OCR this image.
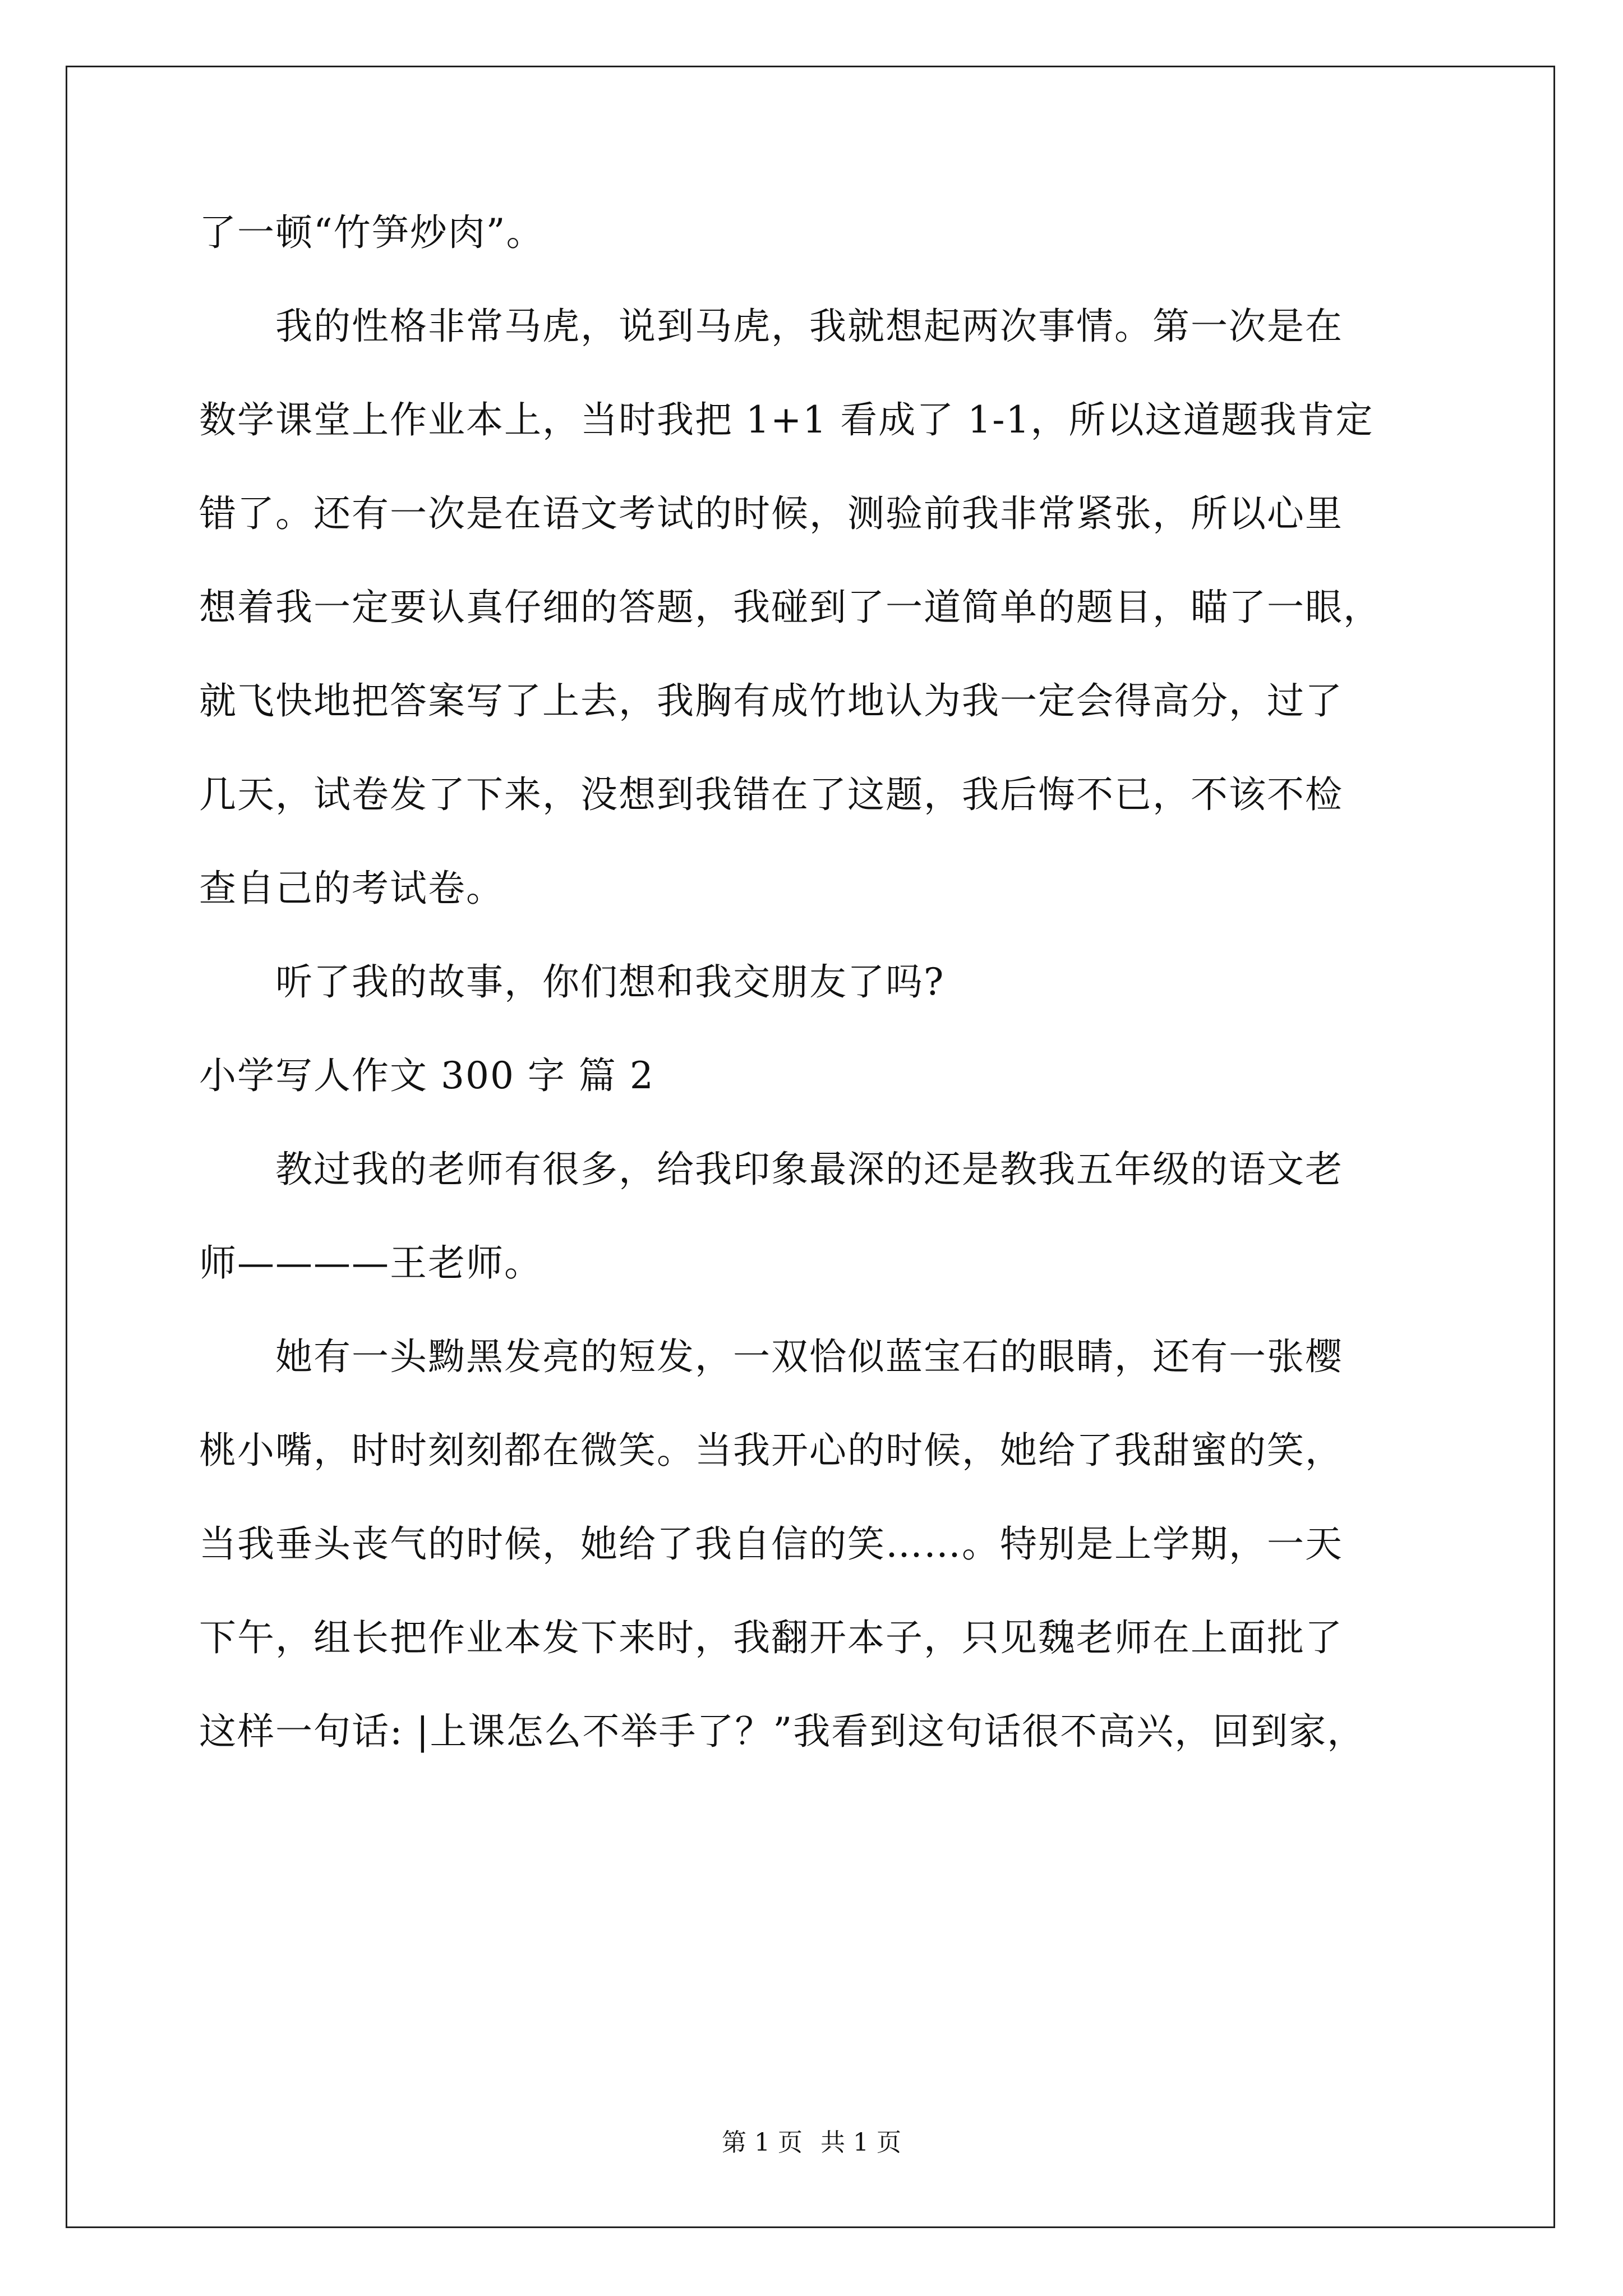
了一顿“竹笋炒肉”。
　　我的性格非常马虎，说到马虎，我就想起两次事情。第一次是在
数学课堂上作业本上，当时我把 1+1 看成了 1-1，所以这道题我肯定
错了。还有一次是在语文考试的时候，测验前我非常紧张，所以心里
想着我一定要认真仔细的答题，我碰到了一道简单的题目，瞄了一眼，
就飞快地把答案写了上去，我胸有成竹地认为我一定会得高分，过了
几天，试卷发了下来，没想到我错在了这题，我后悔不已，不该不检
查自己的考试卷。
　　听了我的故事，你们想和我交朋友了吗?
小学写人作文 300 字 篇 2
　　教过我的老师有很多，给我印象最深的还是教我五年级的语文老
师————王老师。
　　她有一头黝黑发亮的短发，一双恰似蓝宝石的眼睛，还有一张樱
桃小嘴，时时刻刻都在微笑。当我开心的时候，她给了我甜蜜的笑，
当我垂头丧气的时候，她给了我自信的笑……。特别是上学期，一天
下午，组长把作业本发下来时，我翻开本子，只见魏老师在上面批了
这样一句话: |上课怎么不举手了？”我看到这句话很不高兴，回到家，
第 1 页 共 1 页
